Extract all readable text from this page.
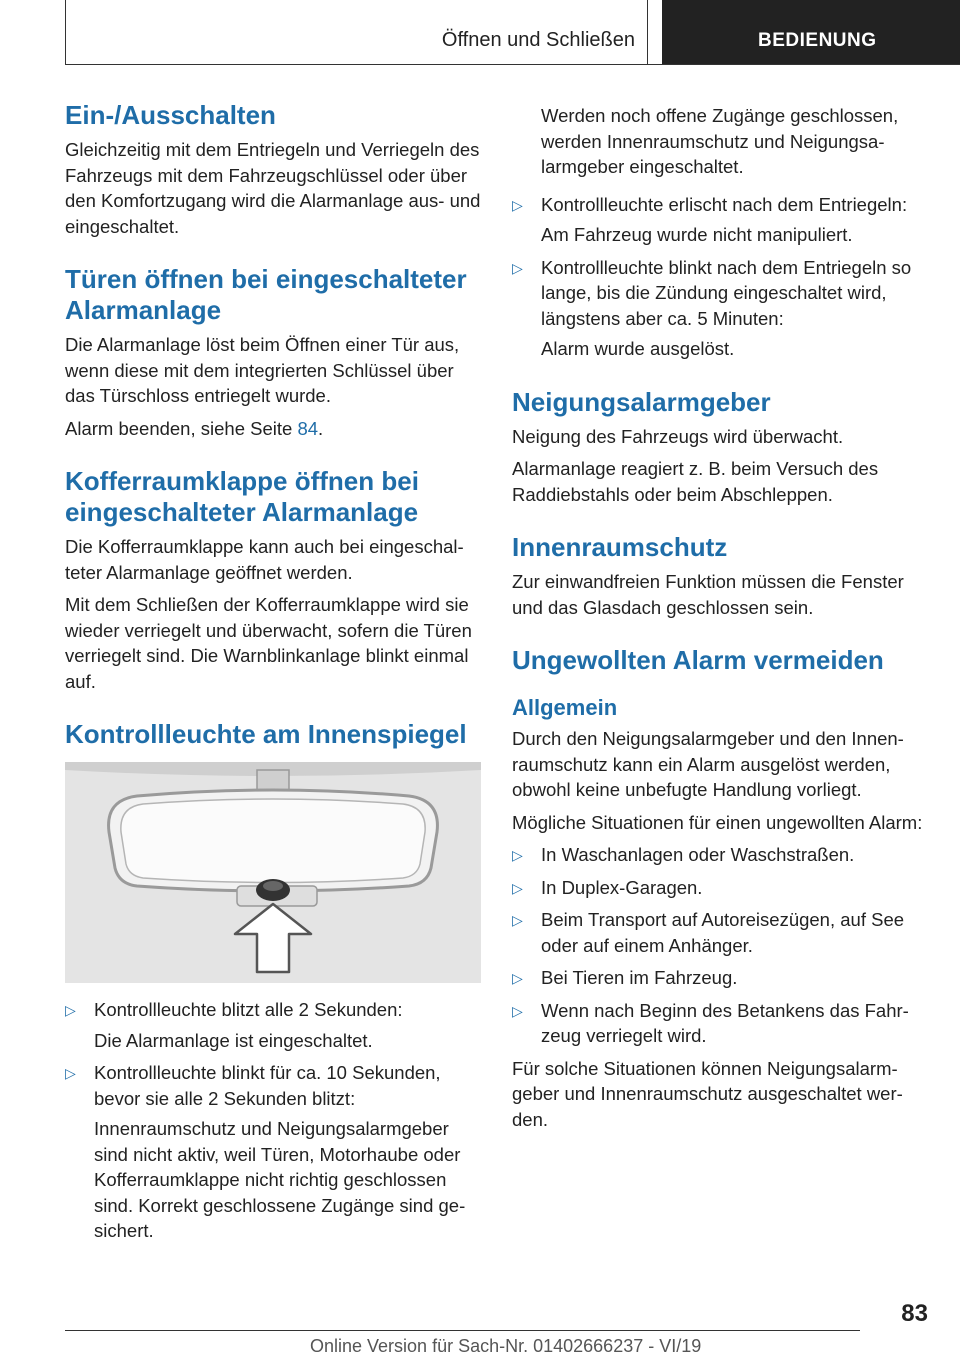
Öffnen und Schließen	BEDIENUNG
Ein-/Ausschalten

Gleichzeitig mit dem Entriegeln und Verriegeln des Fahrzeugs mit dem Fahrzeugschlüssel oder über den Komfortzugang wird die Alarmanlage aus- und eingeschaltet.

Türen öffnen bei eingeschalteter Alarmanlage

Die Alarmanlage löst beim Öffnen einer Tür aus, wenn diese mit dem integrierten Schlüssel über das Türschloss entriegelt wurde.

Alarm beenden, siehe Seite 84.

Kofferraumklappe öffnen bei eingeschalteter Alarmanlage

Die Kofferraumklappe kann auch bei eingeschal‐teter Alarmanlage geöffnet werden.

Mit dem Schließen der Kofferraumklappe wird sie wieder verriegelt und überwacht, sofern die Türen verriegelt sind. Die Warnblinkanlage blinkt einmal auf.

Kontrollleuchte am Innenspiegel
▷ Kontrollleuchte blitzt alle 2 Sekunden:

Die Alarmanlage ist eingeschaltet.

▷ Kontrollleuchte blinkt für ca. 10 Sekunden, bevor sie alle 2 Sekunden blitzt:

Innenraumschutz und Neigungsalarmgeber sind nicht aktiv, weil Türen, Motorhaube oder Kofferraumklappe nicht richtig geschlossen sind. Korrekt geschlossene Zugänge sind ge‐sichert.

Werden noch offene Zugänge geschlossen, werden Innenraumschutz und Neigungsa‐larmgeber eingeschaltet.

▷ Kontrollleuchte erlischt nach dem Entriegeln:

Am Fahrzeug wurde nicht manipuliert.

▷ Kontrollleuchte blinkt nach dem Entriegeln so lange, bis die Zündung eingeschaltet wird, längstens aber ca. 5 Minuten:

Alarm wurde ausgelöst.

Neigungsalarmgeber

Neigung des Fahrzeugs wird überwacht.

Alarmanlage reagiert z. B. beim Versuch des Raddiebstahls oder beim Abschleppen.

Innenraumschutz

Zur einwandfreien Funktion müssen die Fenster und das Glasdach geschlossen sein.

Ungewollten Alarm vermeiden
Allgemein

Durch den Neigungsalarmgeber und den Innen‐raumschutz kann ein Alarm ausgelöst werden, obwohl keine unbefugte Handlung vorliegt.

Mögliche Situationen für einen ungewollten Alarm:

▷ In Waschanlagen oder Waschstraßen.
▷ In Duplex-Garagen.
▷ Beim Transport auf Autoreisezügen, auf See oder auf einem Anhänger.
▷ Bei Tieren im Fahrzeug.
▷ Wenn nach Beginn des Betankens das Fahr‐zeug verriegelt wird.

Für solche Situationen können Neigungsalarm‐geber und Innenraumschutz ausgeschaltet wer‐den.

83
Online Version für Sach-Nr. 01402666237 - VI/19
